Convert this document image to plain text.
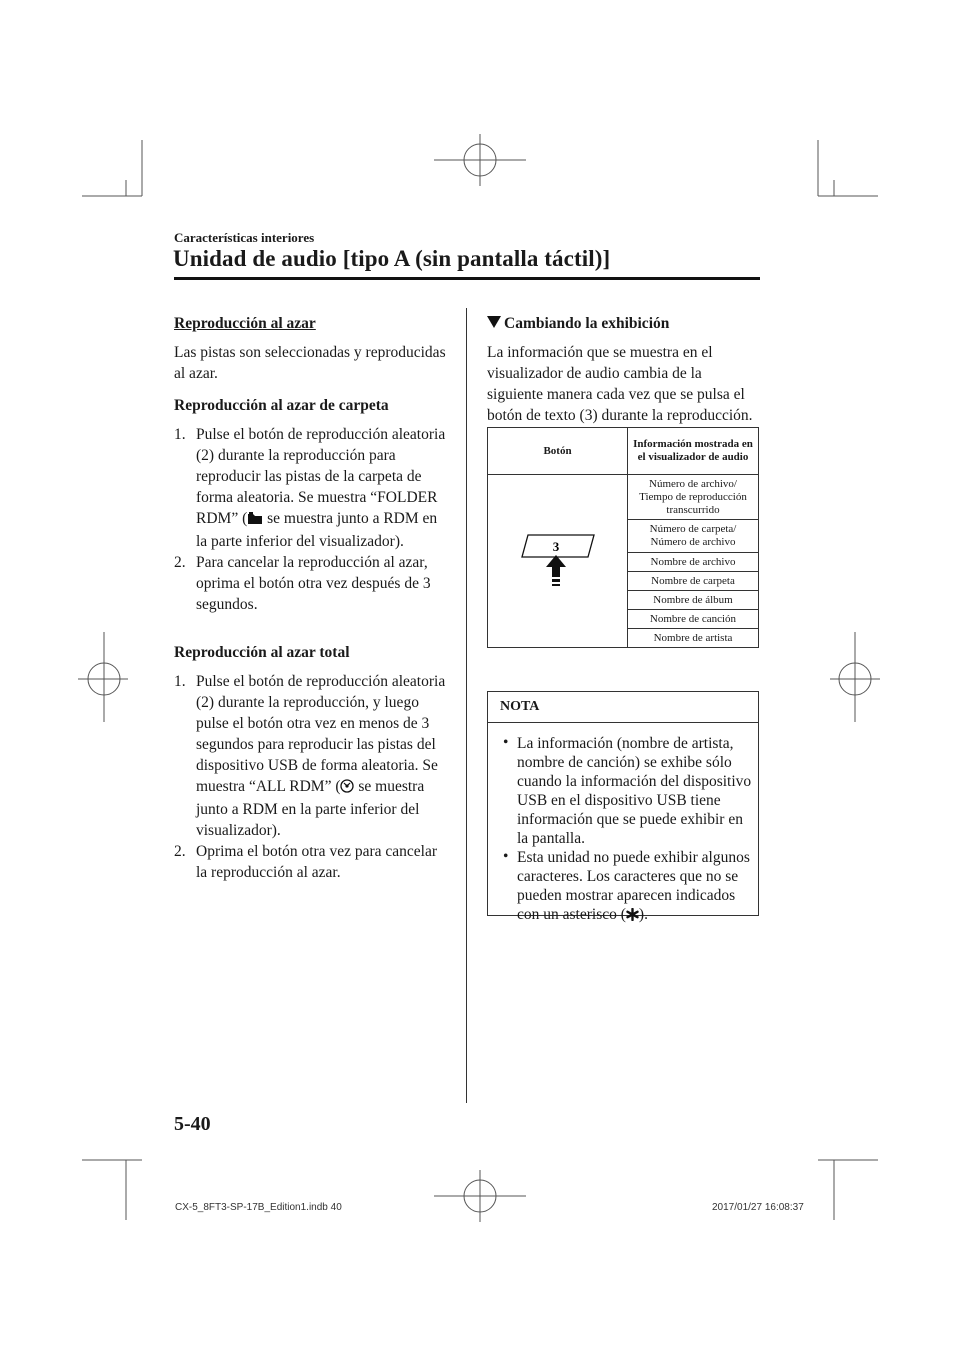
Características interiores
Unidad de audio [tipo A (sin pantalla táctil)]
Reproducción al azar

Las pistas son seleccionadas y reproducidas al azar.

Reproducción al azar de carpeta
1. Pulse el botón de reproducción aleatoria (2) durante la reproducción para reproducir las pistas de la carpeta de forma aleatoria. Se muestra “FOLDER RDM” ( se muestra junto a RDM en la parte inferior del visualizador).
2. Para cancelar la reproducción al azar, oprima el botón otra vez después de 3 segundos.
Reproducción al azar total
1. Pulse el botón de reproducción aleatoria (2) durante la reproducción, y luego pulse el botón otra vez en menos de 3 segundos para reproducir las pistas del dispositivo USB de forma aleatoria. Se muestra “ALL RDM” ( se muestra junto a RDM en la parte inferior del visualizador).
2. Oprima el botón otra vez para cancelar la reproducción al azar.
Cambiando la exhibición

La información que se muestra en el visualizador de audio cambia de la siguiente manera cada vez que se pulsa el botón de texto (3) durante la reproducción.

Botón	Información mostrada en el visualizador de audio

3	Número de archivo/ Tiempo de reproducción transcurrido
	Número de carpeta/ Número de archivo
	Nombre de archivo
	Nombre de carpeta
	Nombre de álbum
	Nombre de canción
	Nombre de artista
NOTA
• La información (nombre de artista, nombre de canción) se exhibe sólo cuando la información del dispositivo USB en el dispositivo USB tiene información que se puede exhibir en la pantalla.
• Esta unidad no puede exhibir algunos caracteres. Los caracteres que no se pueden mostrar aparecen indicados con un asterisco ( ).
5-40
CX-5_8FT3-SP-17B_Edition1.indb 40	2017/01/27 16:08:37
